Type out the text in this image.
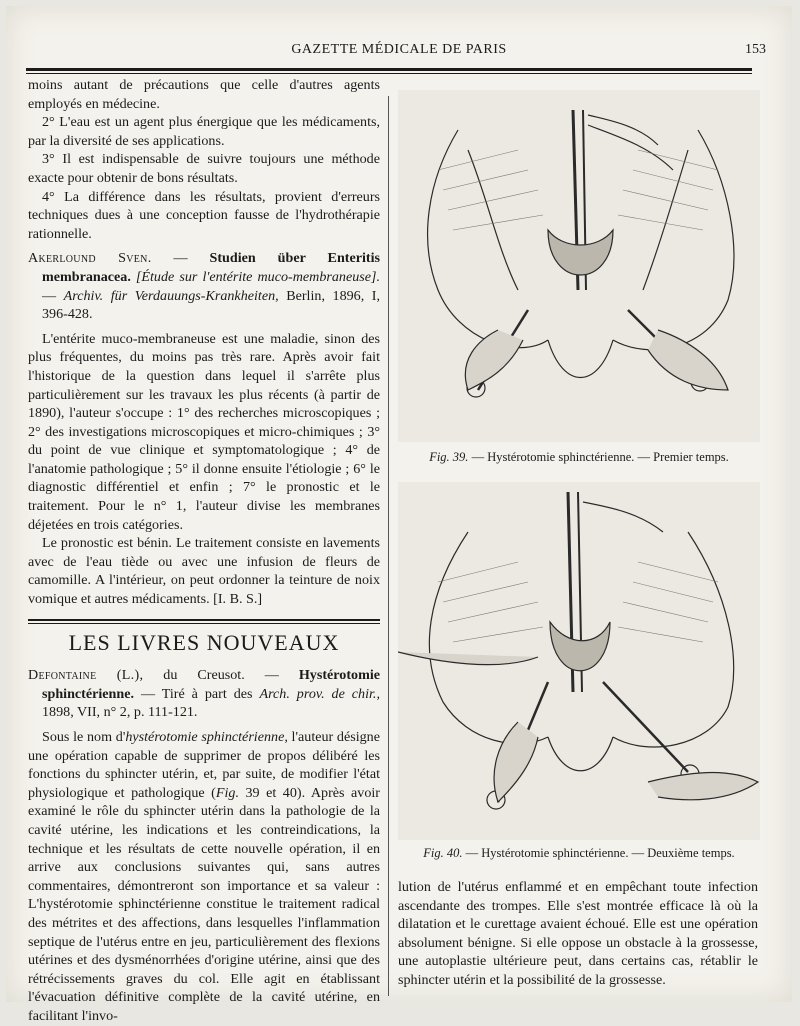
GAZETTE MÉDICALE DE PARIS	153

moins autant de précautions que celle d'autres agents employés en médecine.

2° L'eau est un agent plus énergique que les médicaments, par la diversité de ses applications.

3° Il est indispensable de suivre toujours une méthode exacte pour obtenir de bons résultats.

4° La différence dans les résultats, provient d'erreurs techniques dues à une conception fausse de l'hydrothérapie rationnelle.

Akerlound Sven. — Studien über Enteritis membranacea. [Étude sur l'entérite muco-membraneuse]. — Archiv. für Verdauungs-Krankheiten, Berlin, 1896, I, 396-428.

L'entérite muco-membraneuse est une maladie, sinon des plus fréquentes, du moins pas très rare. Après avoir fait l'historique de la question dans lequel il s'arrête plus particulièrement sur les travaux les plus récents (à partir de 1890), l'auteur s'occupe : 1° des recherches microscopiques ; 2° des investigations microscopiques et micro-chimiques ; 3° du point de vue clinique et symptomatologique ; 4° de l'anatomie pathologique ; 5° il donne ensuite l'étiologie ; 6° le diagnostic différentiel et enfin ; 7° le pronostic et le traitement. Pour le n° 1, l'auteur divise les membranes déjetées en trois catégories.

Le pronostic est bénin. Le traitement consiste en lavements avec de l'eau tiède ou avec une infusion de fleurs de camomille. A l'intérieur, on peut ordonner la teinture de noix vomique et autres médicaments. [I. B. S.]

LES LIVRES NOUVEAUX

Defontaine (L.), du Creusot. — Hystérotomie sphinctérienne. — Tiré à part des Arch. prov. de chir., 1898, VII, n° 2, p. 111-121.

Sous le nom d'hystérotomie sphinctérienne, l'auteur désigne une opération capable de supprimer de propos délibéré les fonctions du sphincter utérin, et, par suite, de modifier l'état physiologique et pathologique (Fig. 39 et 40). Après avoir examiné le rôle du sphincter utérin dans la pathologie de la cavité utérine, les indications et les contreindications, la technique et les résultats de cette nouvelle opération, il en arrive aux conclusions suivantes qui, sans autres commentaires, démontreront son importance et sa valeur : L'hystérotomie sphinctérienne constitue le traitement radical des métrites et des affections, dans lesquelles l'inflammation septique de l'utérus entre en jeu, particulièrement des flexions utérines et des dysménorrhées d'origine utérine, ainsi que des rétrécissements graves du col. Elle agit en établissant l'évacuation définitive complète de la cavité utérine, en facilitant l'invo-

Fig. 39. — Hystérotomie sphinctérienne. — Premier temps.
Fig. 40. — Hystérotomie sphinctérienne. — Deuxième temps.

lution de l'utérus enflammé et en empêchant toute infection ascendante des trompes. Elle s'est montrée efficace là où la dilatation et le curettage avaient échoué. Elle est une opération absolument bénigne. Si elle oppose un obstacle à la grossesse, une autoplastie ultérieure peut, dans certains cas, rétablir le sphincter utérin et la possibilité de la grossesse.
